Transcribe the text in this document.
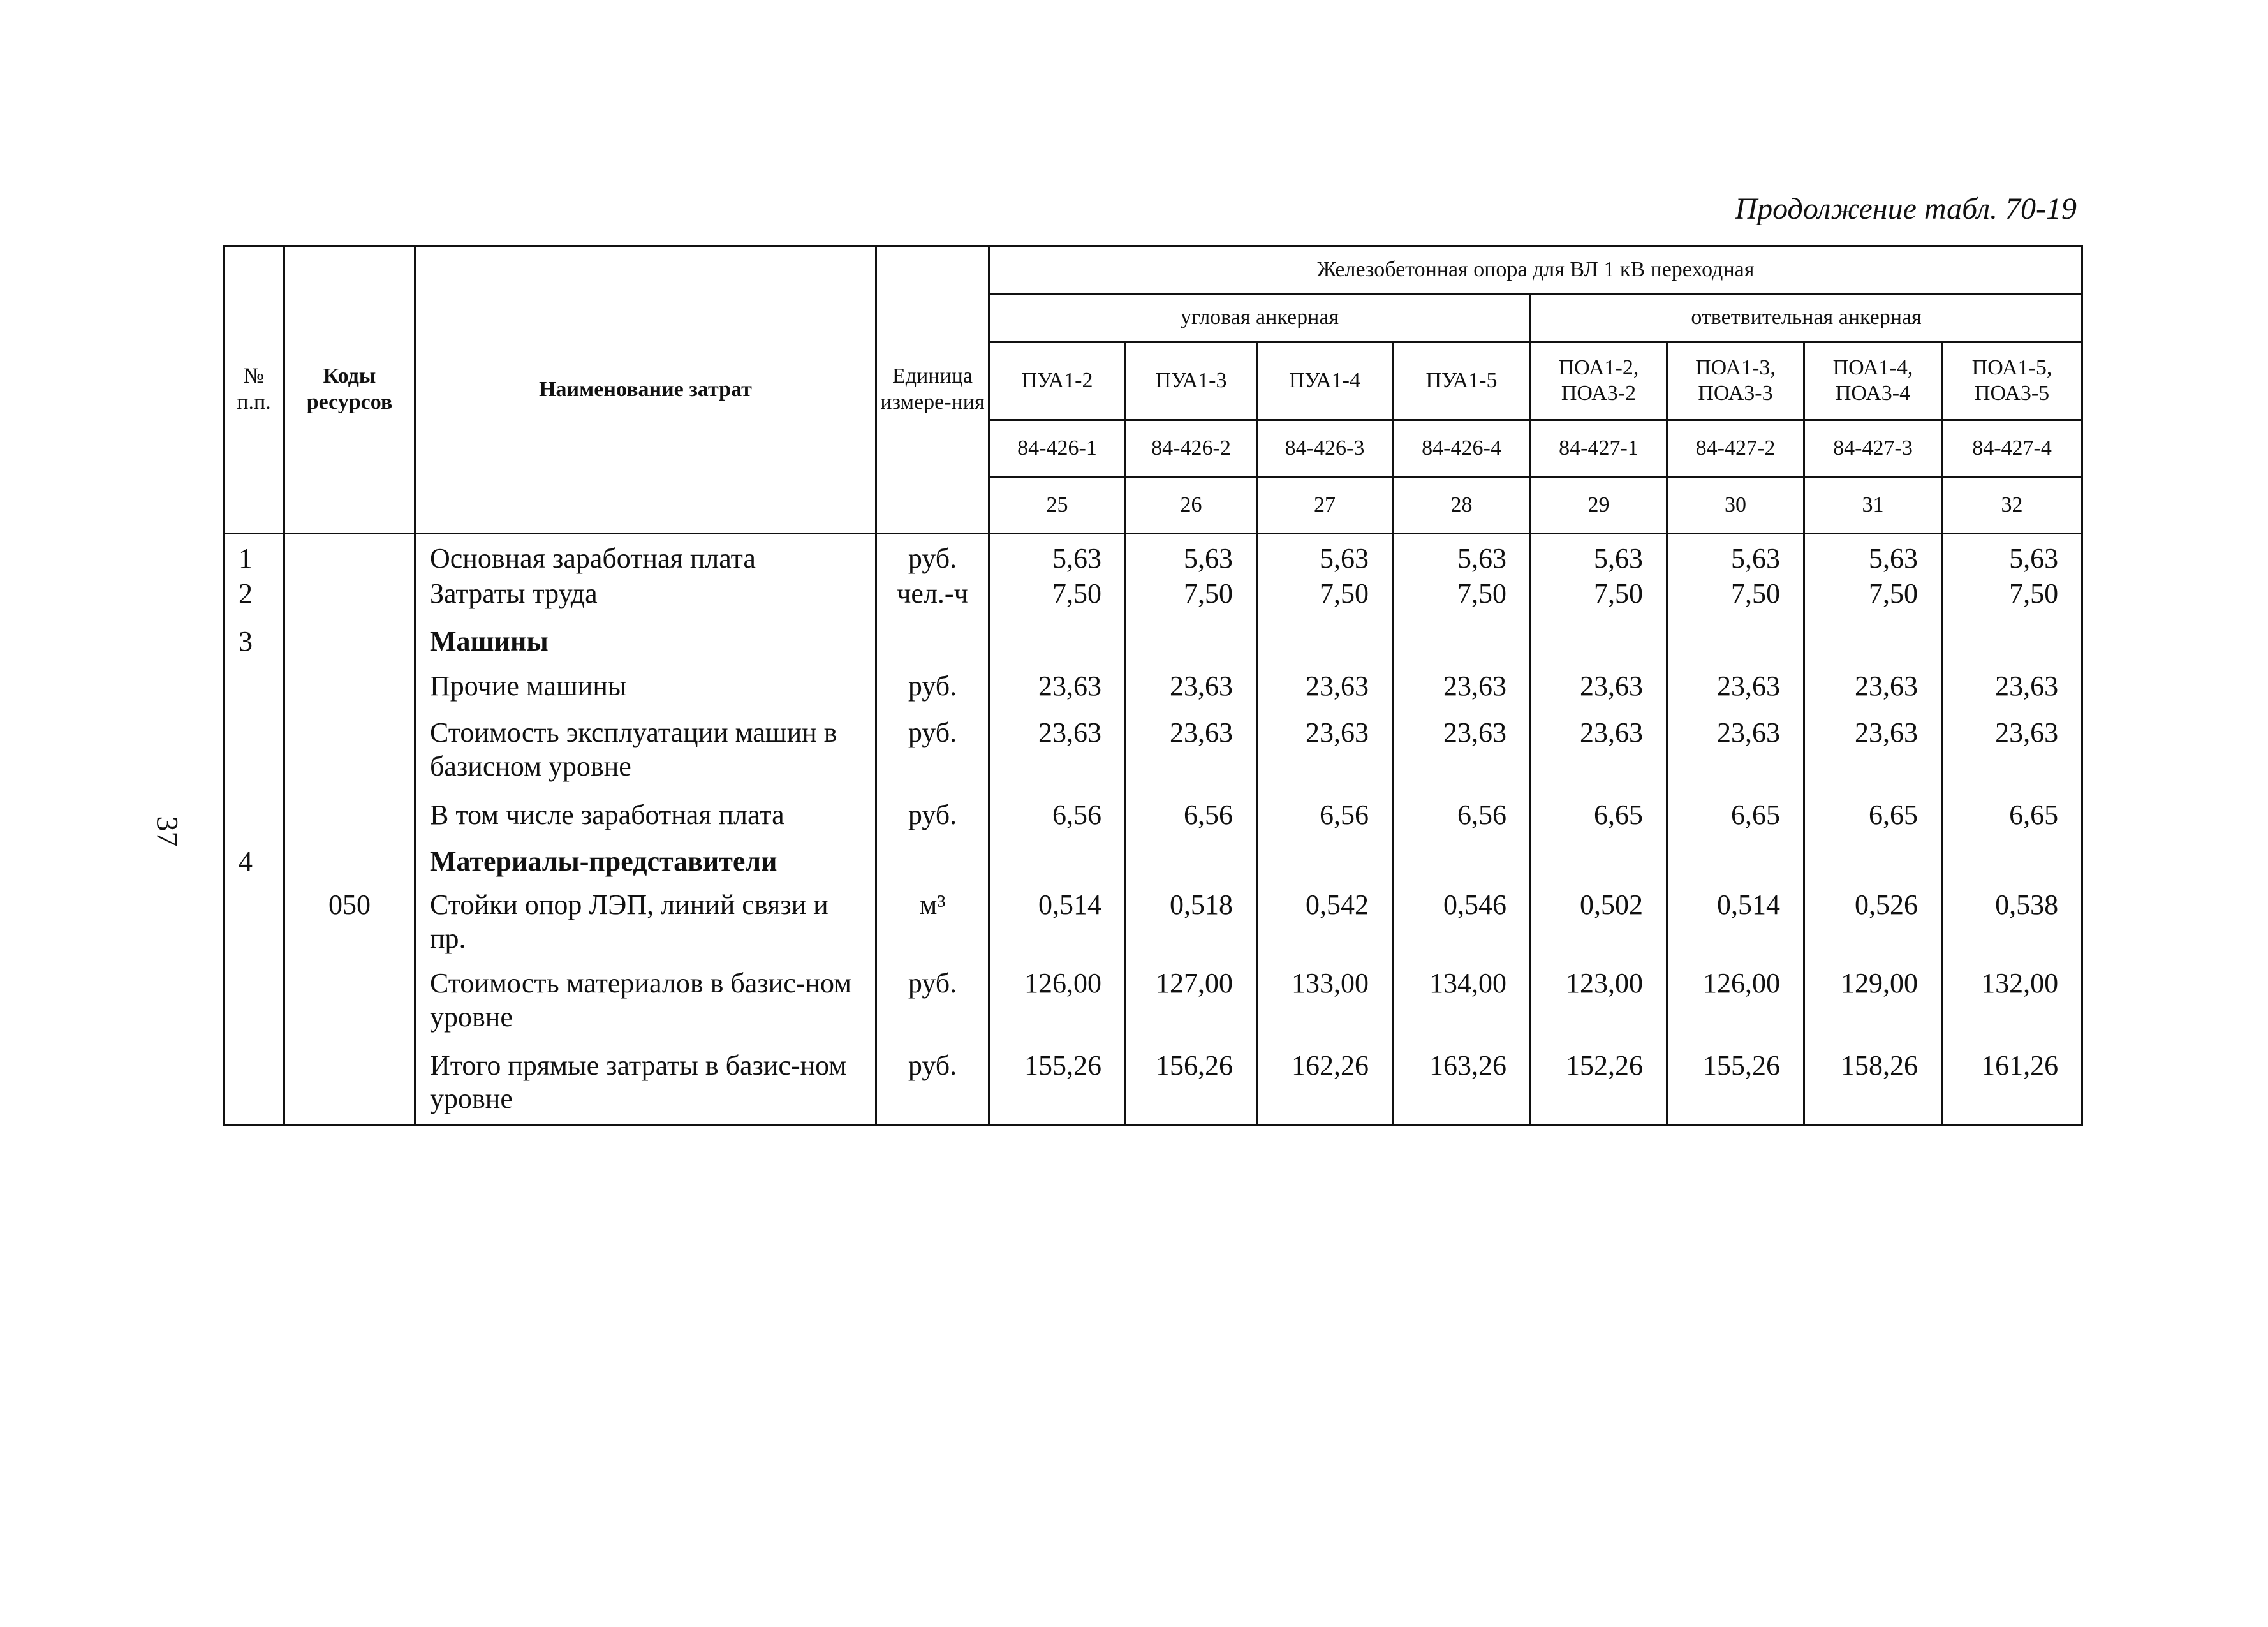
Продолжение табл. 70-19
37
№ п.п.	Коды ресурсов	Наименование затрат	Единица измере-ния	Железобетонная опора для ВЛ 1 кВ переходная							
				угловая анкерная				ответвительная анкерная			
				ПУА1-2	ПУА1-3	ПУА1-4	ПУА1-5	ПОА1-2, ПОА3-2	ПОА1-3, ПОА3-3	ПОА1-4, ПОА3-4	ПОА1-5, ПОА3-5
				84-426-1	84-426-2	84-426-3	84-426-4	84-427-1	84-427-2	84-427-3	84-427-4
				25	26	27	28	29	30	31	32
1		Основная заработная плата	руб.	5,63	5,63	5,63	5,63	5,63	5,63	5,63	5,63
2		Затраты труда	чел.-ч	7,50	7,50	7,50	7,50	7,50	7,50	7,50	7,50
3		Машины									
		Прочие машины	руб.	23,63	23,63	23,63	23,63	23,63	23,63	23,63	23,63
		Стоимость эксплуатации машин в базисном уровне	руб.	23,63	23,63	23,63	23,63	23,63	23,63	23,63	23,63
		В том числе заработная плата	руб.	6,56	6,56	6,56	6,56	6,65	6,65	6,65	6,65
4		Материалы-представители									
	050	Стойки опор ЛЭП, линий связи и пр.	м³	0,514	0,518	0,542	0,546	0,502	0,514	0,526	0,538
		Стоимость материалов в базис-ном уровне	руб.	126,00	127,00	133,00	134,00	123,00	126,00	129,00	132,00
		Итого прямые затраты в базис-ном уровне	руб.	155,26	156,26	162,26	163,26	152,26	155,26	158,26	161,26
